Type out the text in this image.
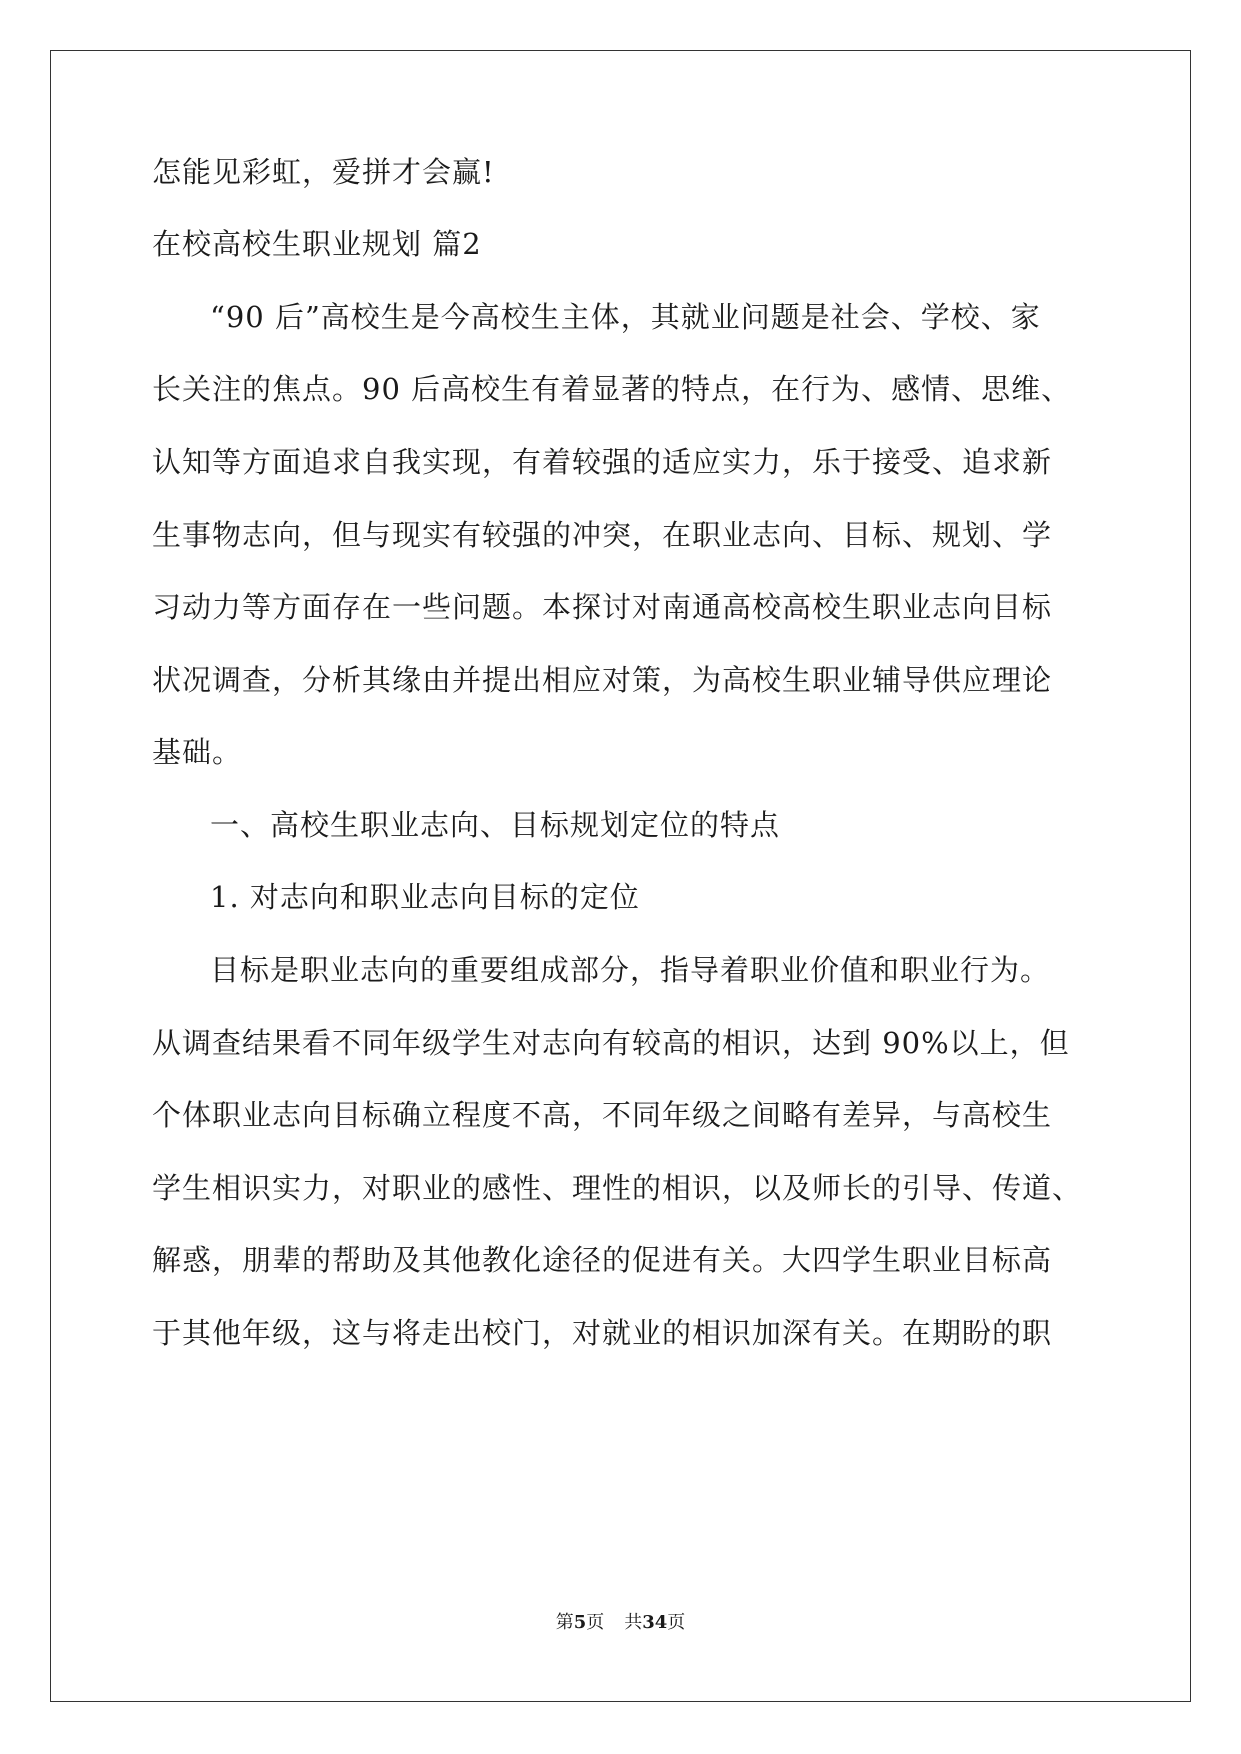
怎能见彩虹，爱拼才会赢!
在校高校生职业规划 篇2
“90 后”高校生是今高校生主体，其就业问题是社会、学校、家
长关注的焦点。90 后高校生有着显著的特点，在行为、感情、思维、
认知等方面追求自我实现，有着较强的适应实力，乐于接受、追求新
生事物志向，但与现实有较强的冲突，在职业志向、目标、规划、学
习动力等方面存在一些问题。本探讨对南通高校高校生职业志向目标
状况调查，分析其缘由并提出相应对策，为高校生职业辅导供应理论
基础。
一、高校生职业志向、目标规划定位的特点
1. 对志向和职业志向目标的定位
目标是职业志向的重要组成部分，指导着职业价值和职业行为。
从调查结果看不同年级学生对志向有较高的相识，达到 90%以上，但
个体职业志向目标确立程度不高，不同年级之间略有差异，与高校生
学生相识实力，对职业的感性、理性的相识，以及师长的引导、传道、
解惑，朋辈的帮助及其他教化途径的促进有关。大四学生职业目标高
于其他年级，这与将走出校门，对就业的相识加深有关。在期盼的职
第5页 共34页
